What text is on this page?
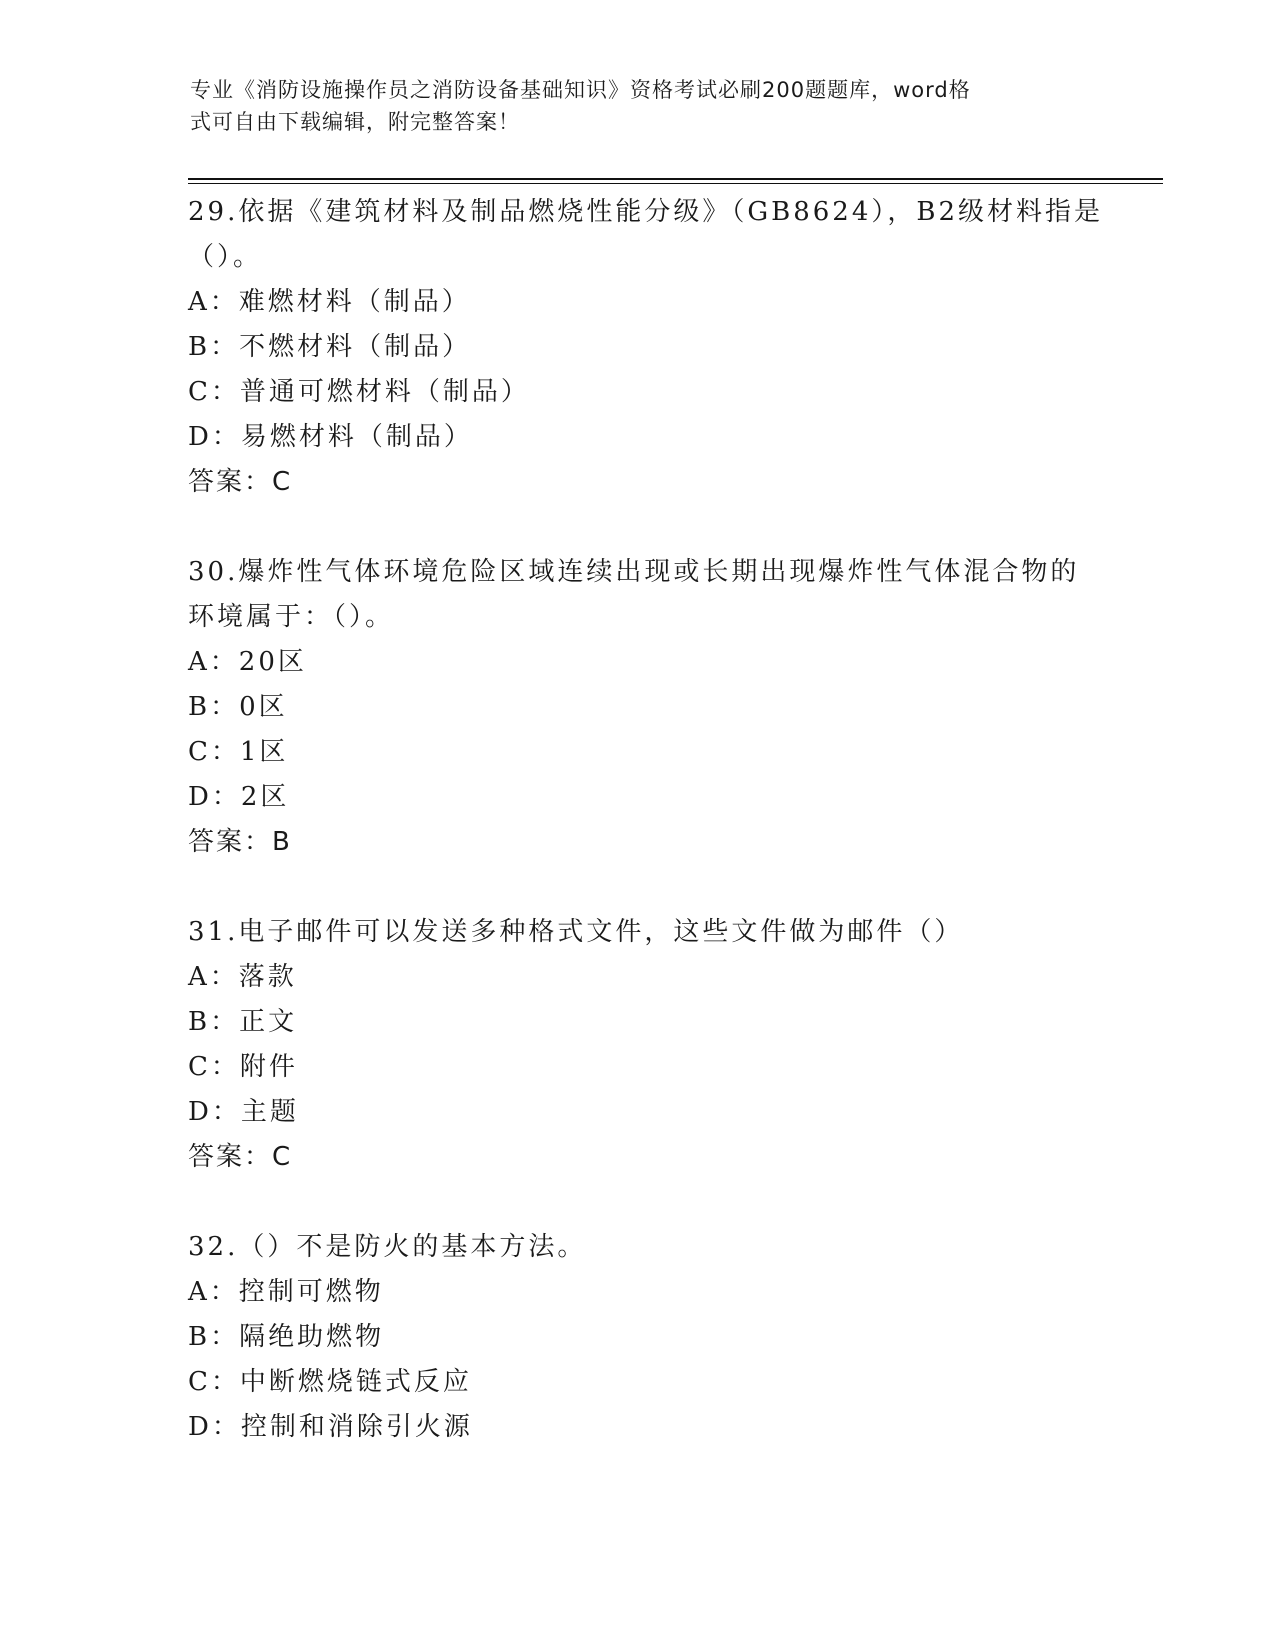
专业《消防设施操作员之消防设备基础知识》资格考试必刷200题题库，word格
式可自由下载编辑，附完整答案！
29.依据《建筑材料及制品燃烧性能分级》（GB8624），B2级材料指是
（）。
A：难燃材料（制品）
B：不燃材料（制品）
C：普通可燃材料（制品）
D：易燃材料（制品）
答案：C
30.爆炸性气体环境危险区域连续出现或长期出现爆炸性气体混合物的
环境属于：（）。
A：20区
B：0区
C：1区
D：2区
答案：B
31.电子邮件可以发送多种格式文件，这些文件做为邮件（）
A：落款
B：正文
C：附件
D：主题
答案：C
32.（）不是防火的基本方法。
A：控制可燃物
B：隔绝助燃物
C：中断燃烧链式反应
D：控制和消除引火源
